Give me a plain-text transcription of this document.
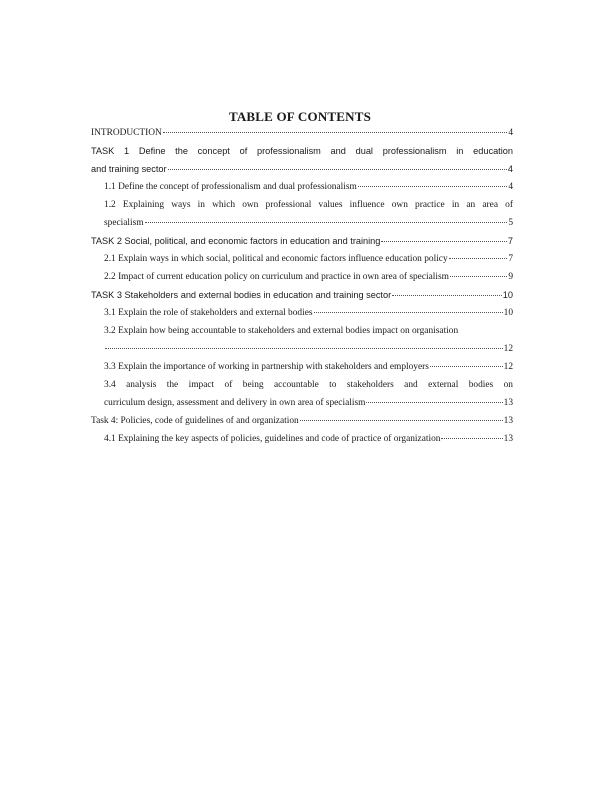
TABLE OF CONTENTS
INTRODUCTION	4
TASK 1 Define the concept of professionalism and dual professionalism in education
and training sector	4
1.1 Define the concept of professionalism and dual professionalism	4
1.2 Explaining ways in which own professional values influence own practice in an area of
specialism	5
TASK 2 Social, political, and economic factors in education and training	7
2.1 Explain ways in which social, political and economic factors influence education policy	7
2.2 Impact of current education policy on curriculum and practice in own area of specialism	9
TASK 3 Stakeholders and external bodies in education and training sector	10
3.1 Explain the role of stakeholders and external bodies	10
3.2 Explain how being accountable to stakeholders and external bodies impact on organisation
12
3.3 Explain the importance of working in partnership with stakeholders and employers	12
3.4 analysis the impact of being accountable to stakeholders and external bodies on
curriculum design, assessment and delivery in own area of specialism	13
Task 4: Policies, code of guidelines of and organization	13
4.1 Explaining the key aspects of policies, guidelines and code of practice of organization	13
